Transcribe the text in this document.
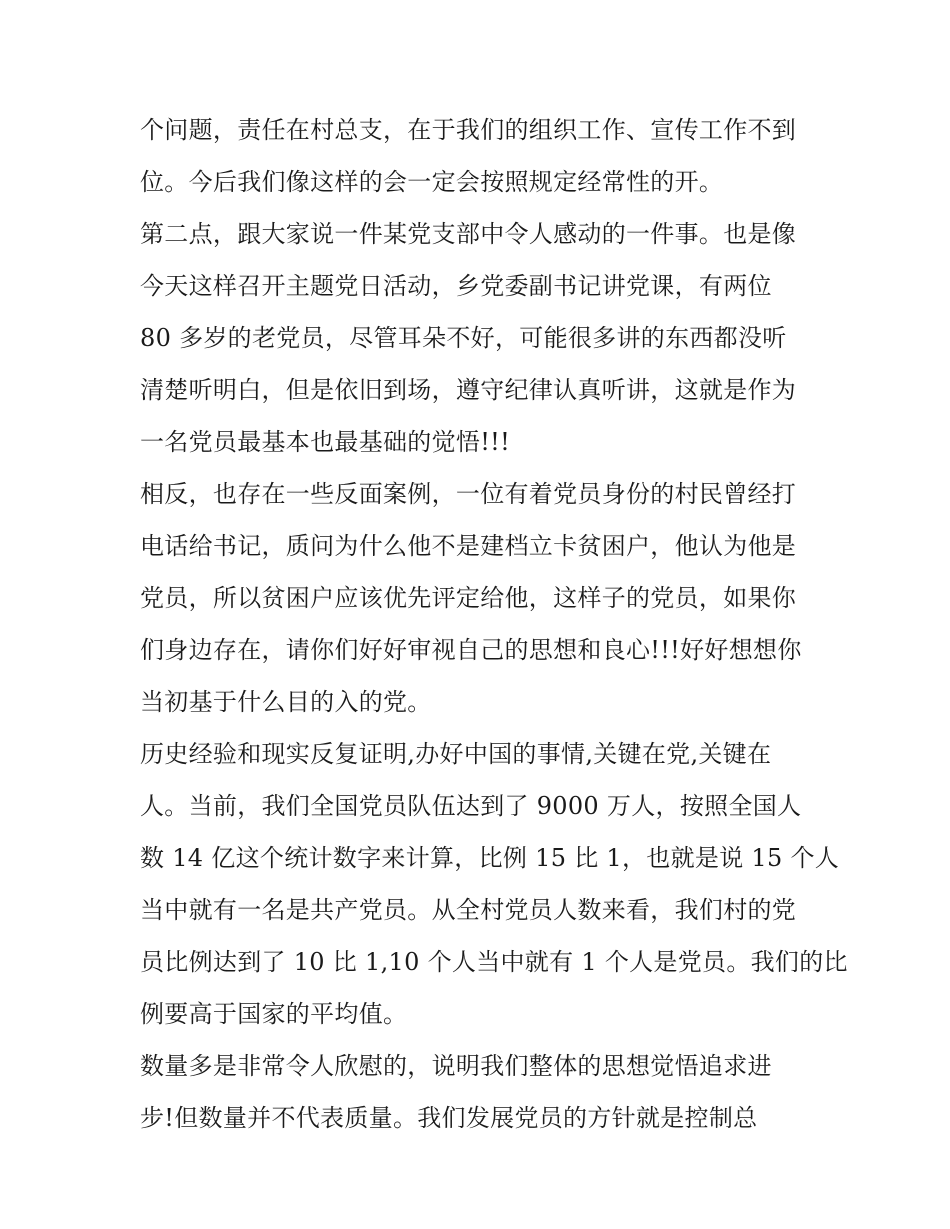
个问题，责任在村总支，在于我们的组织工作、宣传工作不到
位。今后我们像这样的会一定会按照规定经常性的开。
第二点，跟大家说一件某党支部中令人感动的一件事。也是像
今天这样召开主题党日活动，乡党委副书记讲党课，有两位
80 多岁的老党员，尽管耳朵不好，可能很多讲的东西都没听
清楚听明白，但是依旧到场，遵守纪律认真听讲，这就是作为
一名党员最基本也最基础的觉悟!!!
相反，也存在一些反面案例，一位有着党员身份的村民曾经打
电话给书记，质问为什么他不是建档立卡贫困户，他认为他是
党员，所以贫困户应该优先评定给他，这样子的党员，如果你
们身边存在，请你们好好审视自己的思想和良心!!!好好想想你
当初基于什么目的入的党。
历史经验和现实反复证明,办好中国的事情,关键在党,关键在
人。当前，我们全国党员队伍达到了 9000 万人，按照全国人
数 14 亿这个统计数字来计算，比例 15 比 1，也就是说 15 个人
当中就有一名是共产党员。从全村党员人数来看，我们村的党
员比例达到了 10 比 1,10 个人当中就有 1 个人是党员。我们的比
例要高于国家的平均值。
数量多是非常令人欣慰的，说明我们整体的思想觉悟追求进
步!但数量并不代表质量。我们发展党员的方针就是控制总
